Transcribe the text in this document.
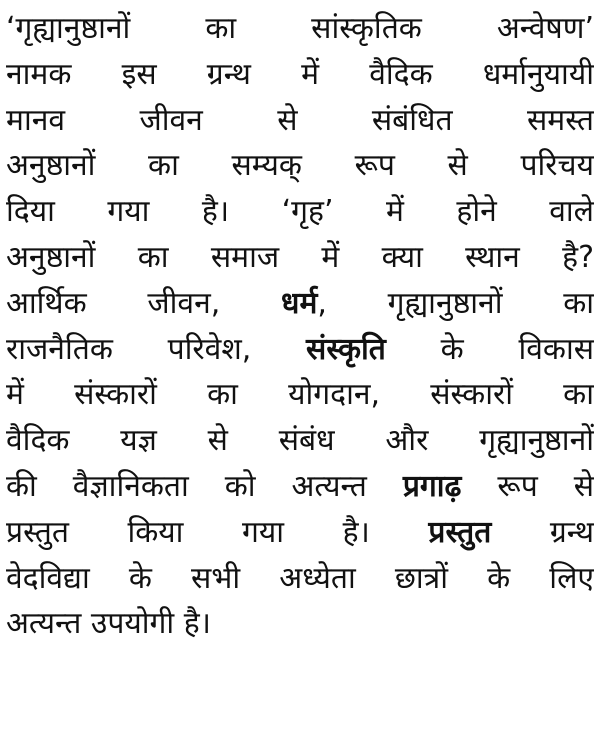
‘गृह्यानुष्ठानों का सांस्कृतिक अन्वेषण’
नामक इस ग्रन्थ में वैदिक धर्मानुयायी
मानव जीवन से संबंधित समस्त
अनुष्ठानों का सम्यक् रूप से परिचय
दिया गया है। ‘गृह’ में होने वाले
अनुष्ठानों का समाज में क्या स्थान है?
आर्थिक जीवन, धर्म, गृह्यानुष्ठानों का
राजनैतिक परिवेश, संस्कृति के विकास
में संस्कारों का योगदान, संस्कारों का
वैदिक यज्ञ से संबंध और गृह्यानुष्ठानों
की वैज्ञानिकता को अत्यन्त प्रगाढ़ रूप से
प्रस्तुत किया गया है। प्रस्तुत ग्रन्थ
वेदविद्या के सभी अध्येता छात्रों के लिए
अत्यन्त उपयोगी है।
